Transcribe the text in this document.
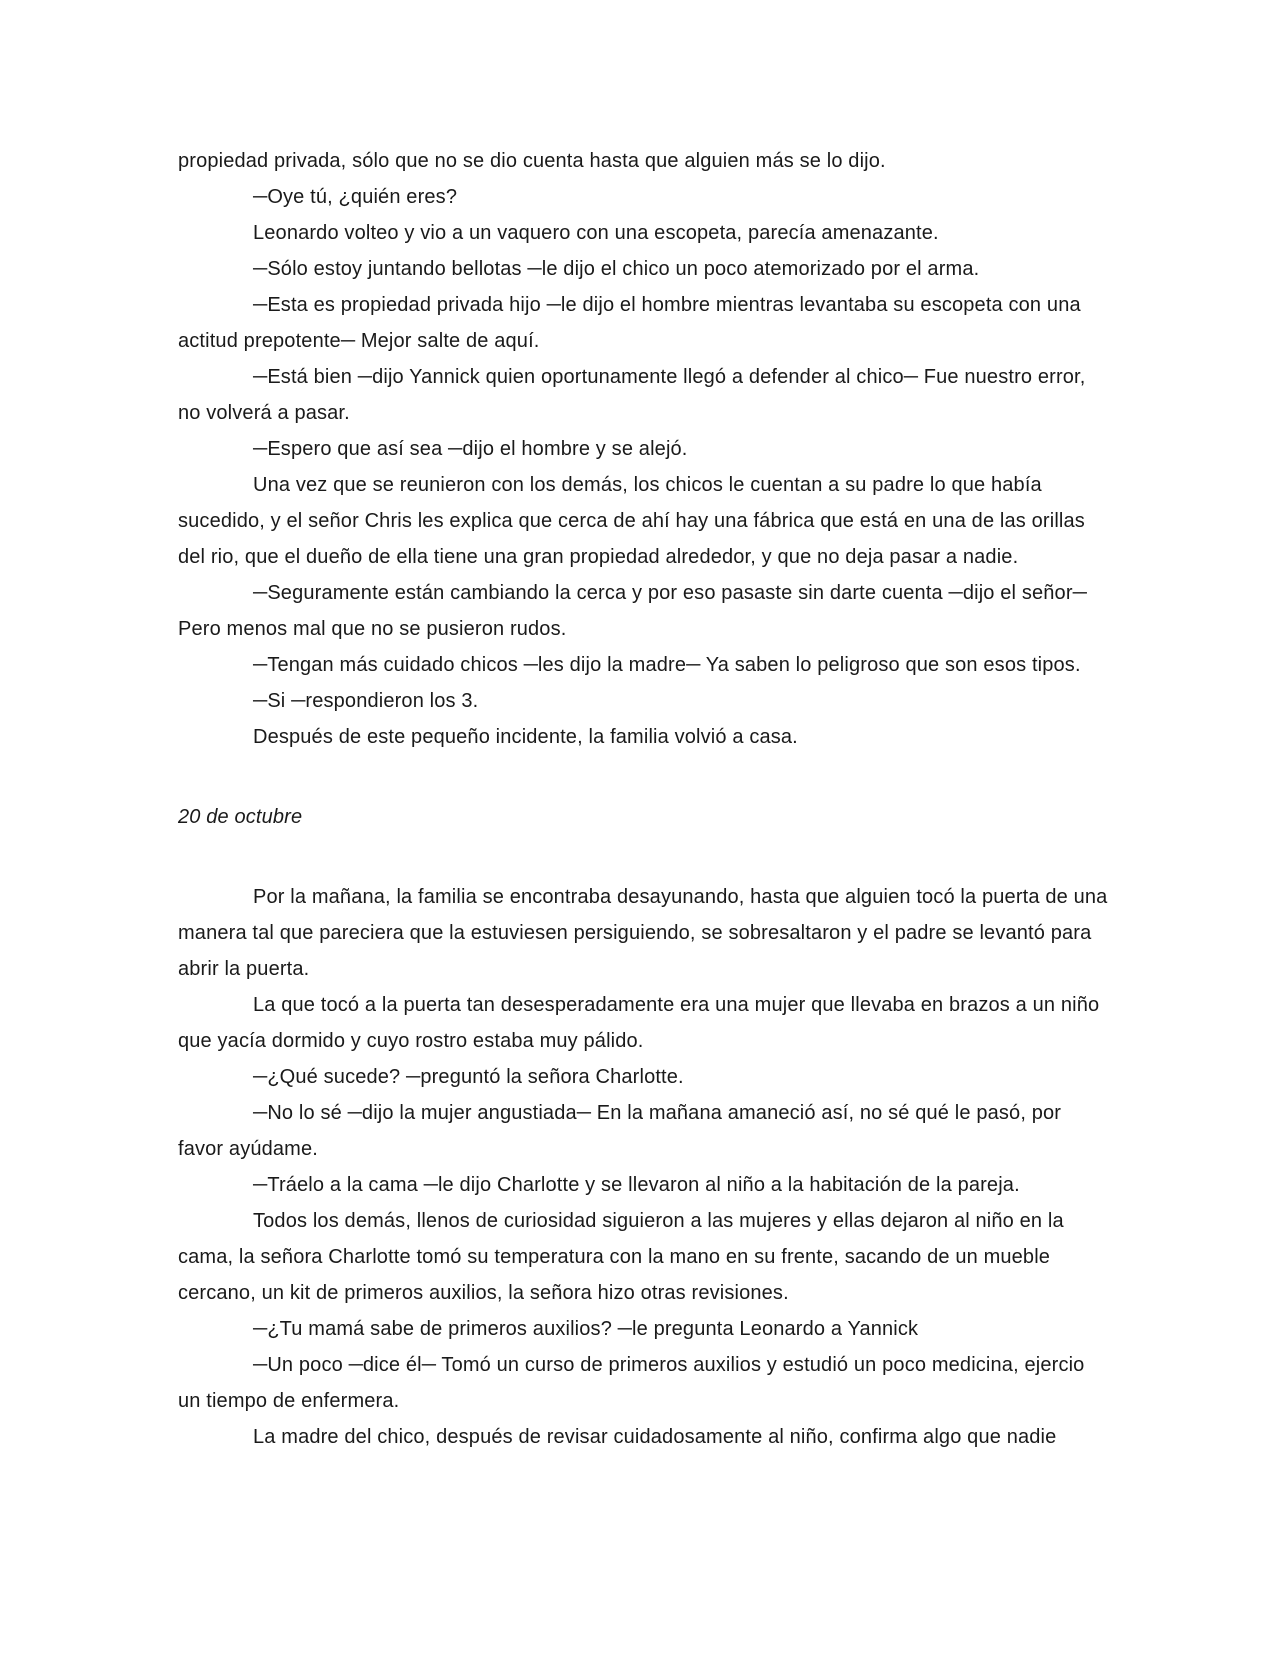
propiedad privada, sólo que no se dio cuenta hasta que alguien más se lo dijo.

─Oye tú, ¿quién eres?

Leonardo volteo y vio a un vaquero con una escopeta, parecía amenazante.

─Sólo estoy juntando bellotas ─le dijo el chico un poco atemorizado por el arma.

─Esta es propiedad privada hijo ─le dijo el hombre mientras levantaba su escopeta con una actitud prepotente─ Mejor salte de aquí.

─Está bien ─dijo Yannick quien oportunamente llegó a defender al chico─ Fue nuestro error, no volverá a pasar.

─Espero que así sea ─dijo el hombre y se alejó.

Una vez que se reunieron con los demás, los chicos le cuentan a su padre lo que había sucedido, y el señor Chris les explica que cerca de ahí hay una fábrica que está en una de las orillas del rio, que el dueño de ella tiene una gran propiedad alrededor, y que no deja pasar a nadie.

─Seguramente están cambiando la cerca y por eso pasaste sin darte cuenta ─dijo el señor─ Pero menos mal que no se pusieron rudos.

─Tengan más cuidado chicos ─les dijo la madre─ Ya saben lo peligroso que son esos tipos.

─Si ─respondieron los 3.

Después de este pequeño incidente, la familia volvió a casa.

20 de octubre

Por la mañana, la familia se encontraba desayunando, hasta que alguien tocó la puerta de una manera tal que pareciera que la estuviesen persiguiendo, se sobresaltaron y el padre se levantó para abrir la puerta.

La que tocó a la puerta tan desesperadamente era una mujer que llevaba en brazos a un niño que yacía dormido y cuyo rostro estaba muy pálido.

─¿Qué sucede? ─preguntó la señora Charlotte.

─No lo sé ─dijo la mujer angustiada─ En la mañana amaneció así, no sé qué le pasó, por favor ayúdame.

─Tráelo a la cama ─le dijo Charlotte y se llevaron al niño a la habitación de la pareja.

Todos los demás, llenos de curiosidad siguieron a las mujeres y ellas dejaron al niño en la cama, la señora Charlotte tomó su temperatura con la mano en su frente, sacando de un mueble cercano, un kit de primeros auxilios, la señora hizo otras revisiones.

─¿Tu mamá sabe de primeros auxilios? ─le pregunta Leonardo a Yannick

─Un poco ─dice él─ Tomó un curso de primeros auxilios y estudió un poco medicina, ejercio un tiempo de enfermera.

La madre del chico, después de revisar cuidadosamente al niño, confirma algo que nadie
